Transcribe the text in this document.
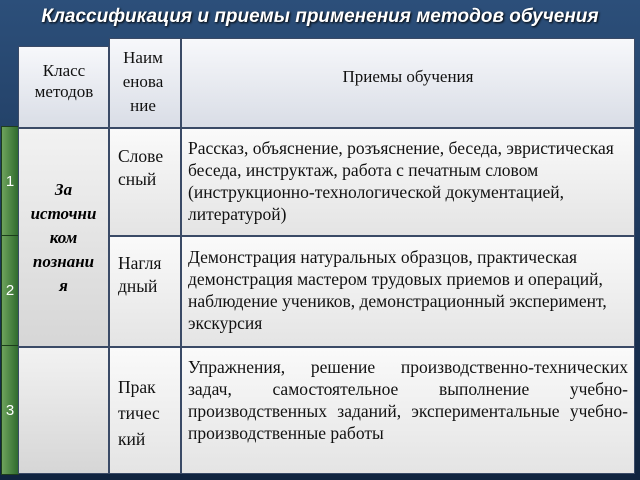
Классификация и приемы применения методов обучения
1
2
3
Класс методов
Наим енова ние
Приемы обучения
За источни ком познани я
Слове сный
Рассказ, объяснение, розъяснение, беседа, эвристическая беседа, инструктаж, работа с печатным словом (инструкционно-технологической документацией, литературой)
Нагля дный
Демонстрация натуральных образцов, практическая демонстрация мастером трудовых приемов и операций, наблюдение учеников, демонстрационный эксперимент, экскурсия
Прак тичес кий
Упражнения, решение производственно-технических задач, самостоятельное выполнение учебно-производственных заданий, экспериментальные учебно-производственные работы
